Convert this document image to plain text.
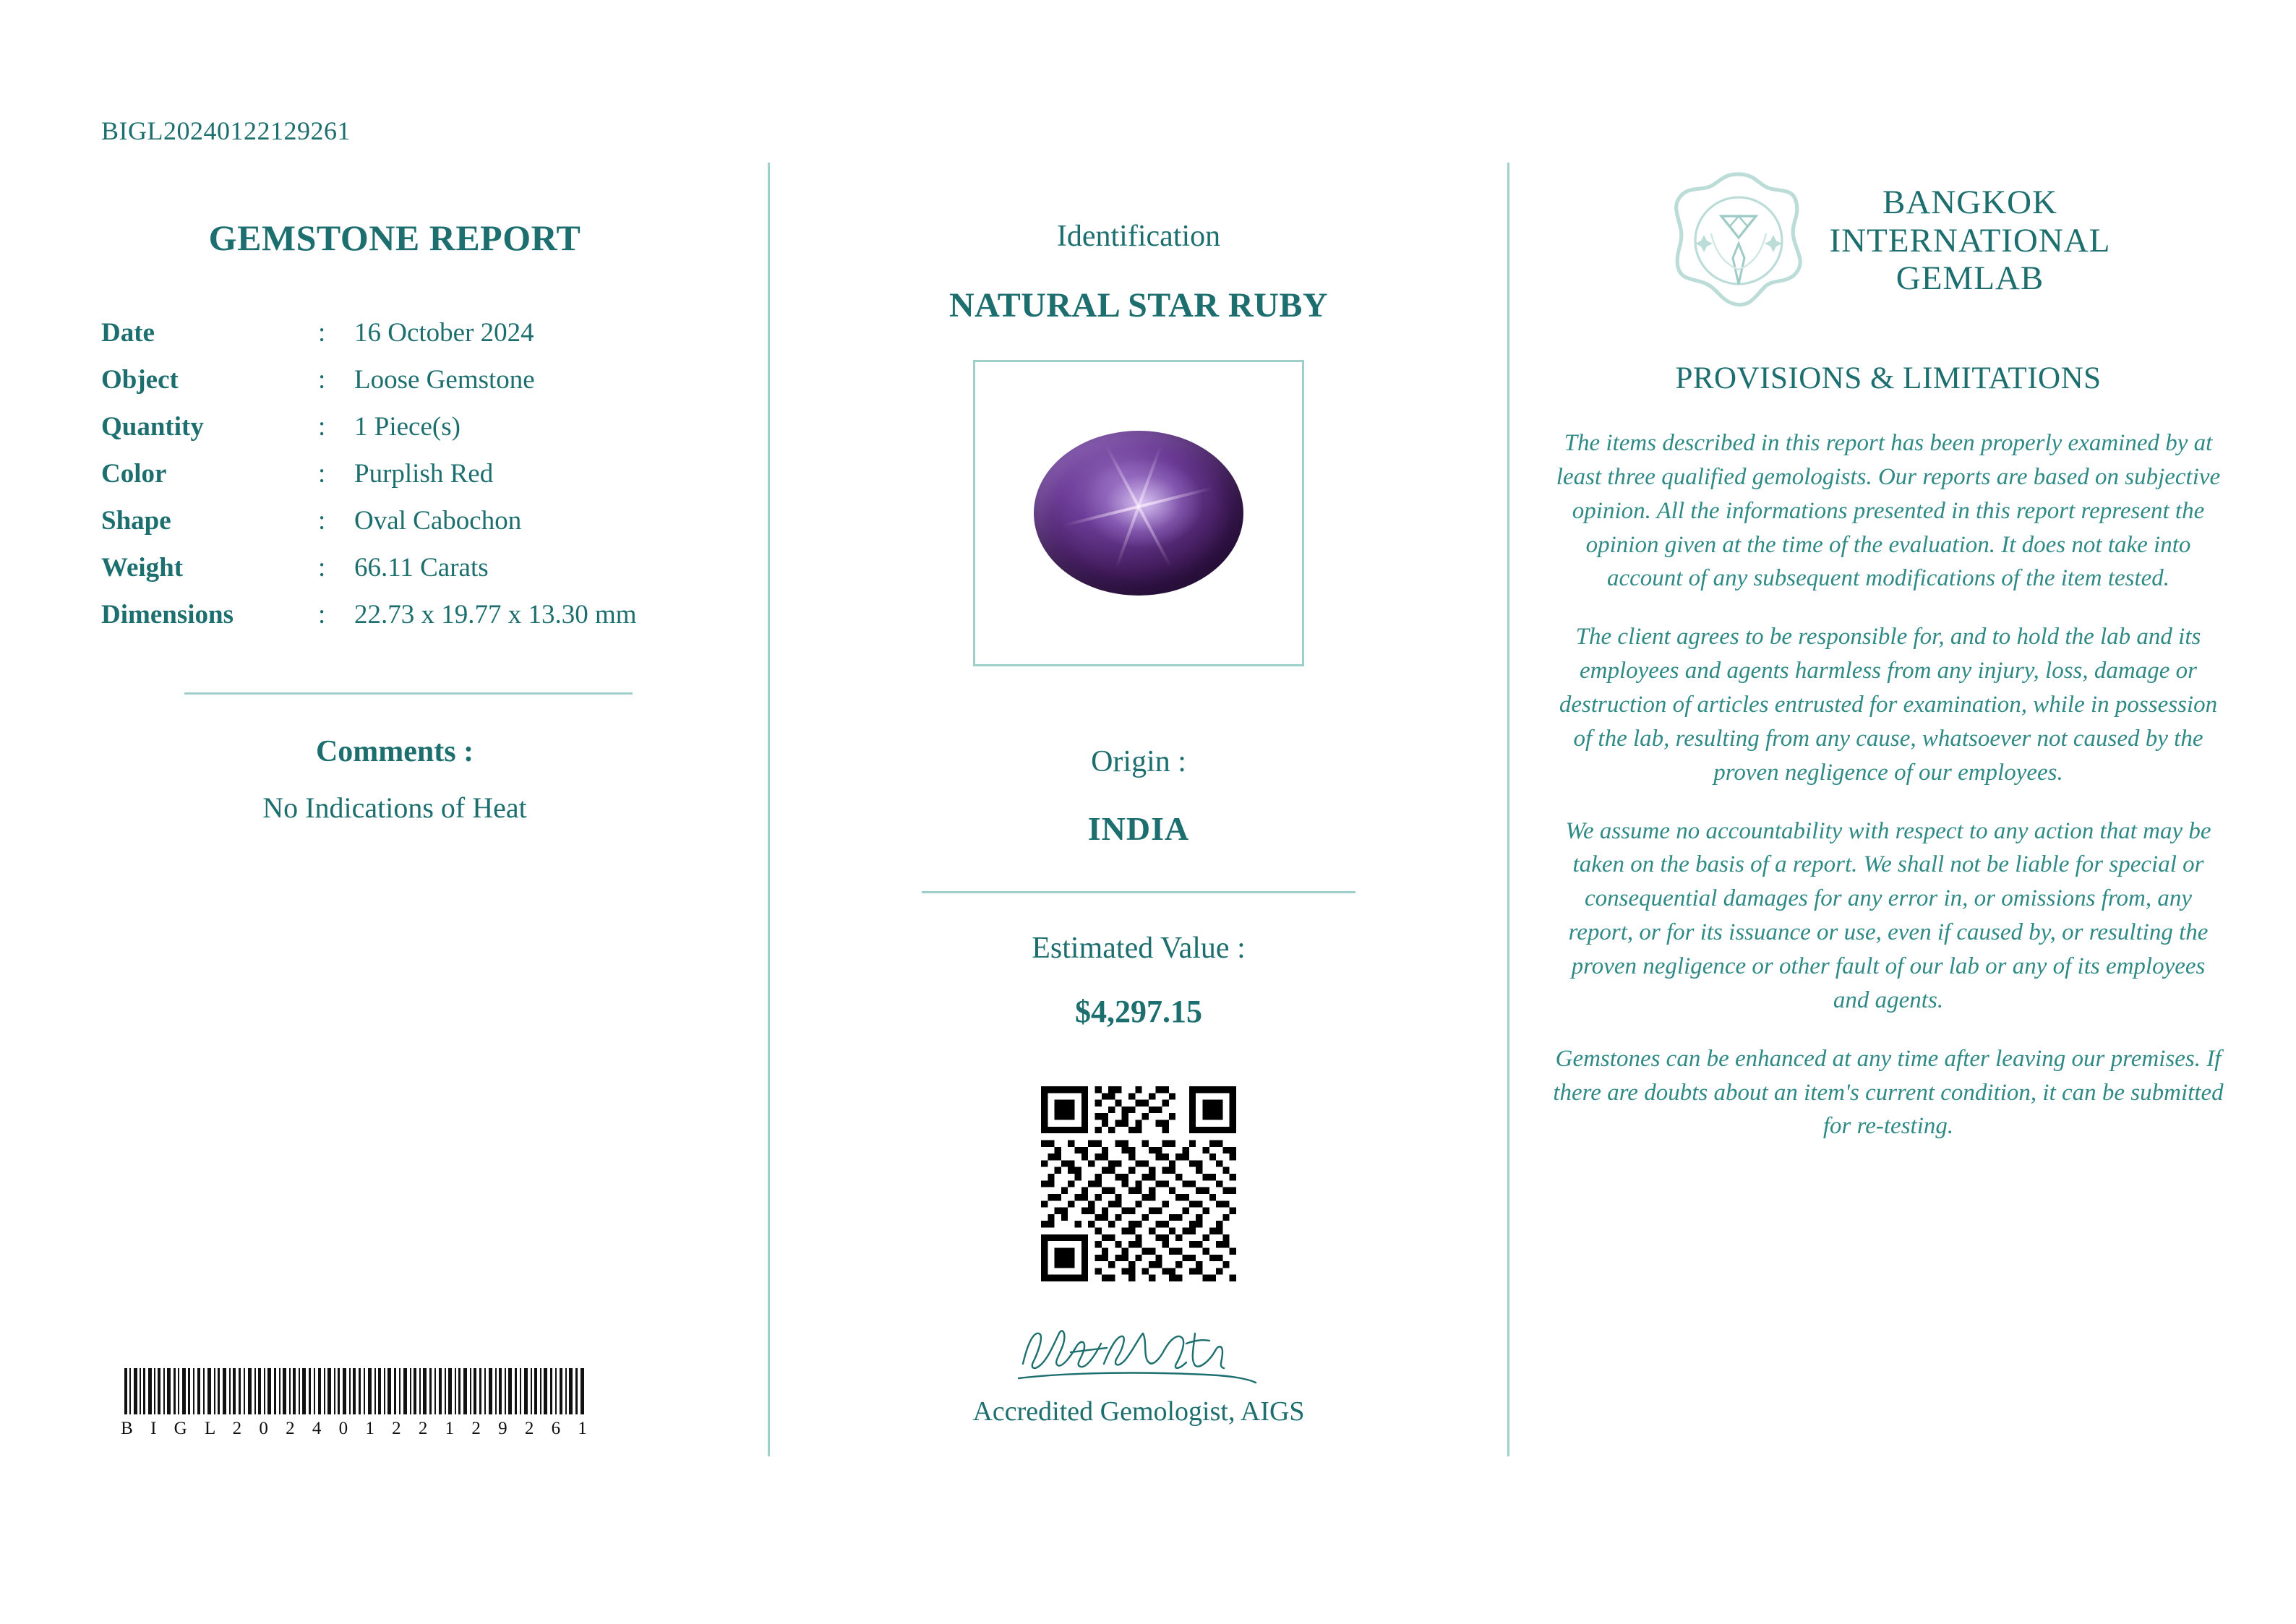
BIGL20240122129261
GEMSTONE REPORT
Date	:	16 October 2024
Object	:	Loose Gemstone
Quantity	:	1 Piece(s)
Color	:	Purplish Red
Shape	:	Oval Cabochon
Weight	:	66.11 Carats
Dimensions	:	22.73 x 19.77 x 13.30 mm
Comments :
No Indications of Heat
B I G L 2 0 2 4 0 1 2 2 1 2 9 2 6 1
Identification
NATURAL STAR RUBY
Origin :
INDIA
Estimated Value :
$4,297.15
Accredited Gemologist, AIGS
BANGKOK
INTERNATIONAL
GEMLAB
PROVISIONS & LIMITATIONS

The items described in this report has been properly examined by at least three qualified gemologists. Our reports are based on subjective opinion. All the informations presented in this report represent the opinion given at the time of the evaluation. It does not take into account of any subsequent modifications of the item tested.

The client agrees to be responsible for, and to hold the lab and its employees and agents harmless from any injury, loss, damage or destruction of articles entrusted for examination, while in possession of the lab, resulting from any cause, whatsoever not caused by the proven negligence of our employees.

We assume no accountability with respect to any action that may be taken on the basis of a report. We shall not be liable for special or consequential damages for any error in, or omissions from, any report, or for its issuance or use, even if caused by, or resulting the proven negligence or other fault of our lab or any of its employees and agents.

Gemstones can be enhanced at any time after leaving our premises. If there are doubts about an item's current condition, it can be submitted for re-testing.
